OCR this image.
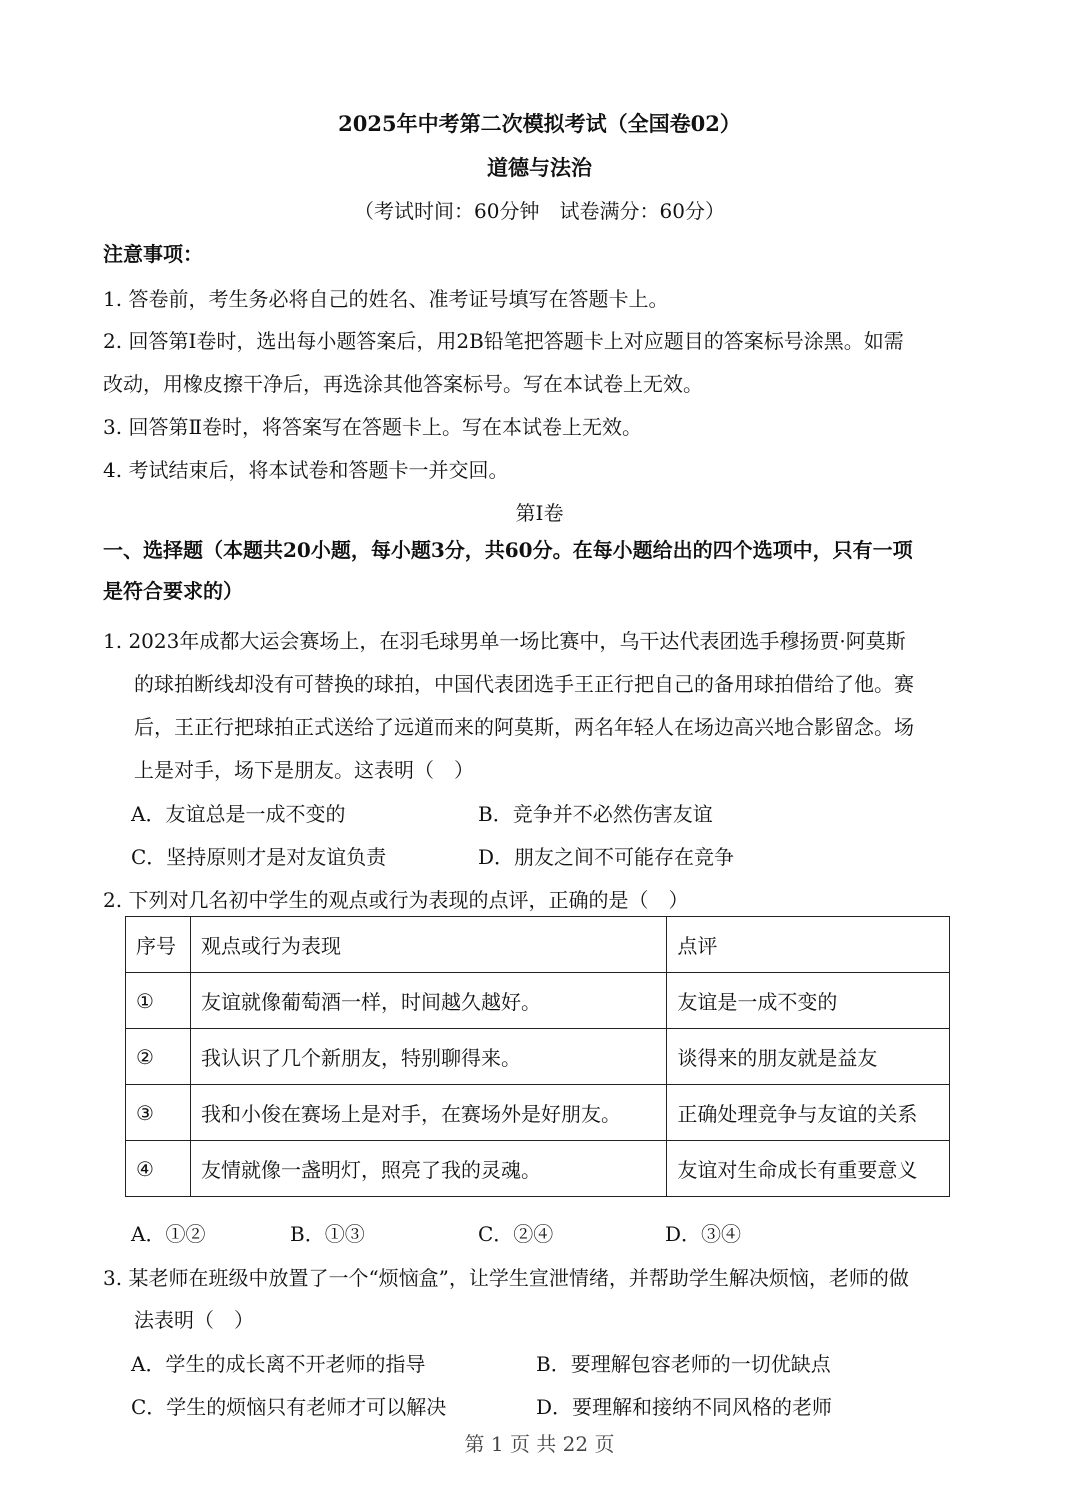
2025年中考第二次模拟考试（全国卷02）
道德与法治
（考试时间：60分钟　试卷满分：60分）
注意事项：
1. 答卷前，考生务必将自己的姓名、准考证号填写在答题卡上。
2. 回答第Ⅰ卷时，选出每小题答案后，用2B铅笔把答题卡上对应题目的答案标号涂黑。如需
改动，用橡皮擦干净后，再选涂其他答案标号。写在本试卷上无效。
3. 回答第Ⅱ卷时，将答案写在答题卡上。写在本试卷上无效。
4. 考试结束后，将本试卷和答题卡一并交回。
第Ⅰ卷
一、选择题（本题共20小题，每小题3分，共60分。在每小题给出的四个选项中，只有一项
是符合要求的）
1. 2023年成都大运会赛场上，在羽毛球男单一场比赛中，乌干达代表团选手穆扬贾·阿莫斯
的球拍断线却没有可替换的球拍，中国代表团选手王正行把自己的备用球拍借给了他。赛
后，王正行把球拍正式送给了远道而来的阿莫斯，两名年轻人在场边高兴地合影留念。场
上是对手，场下是朋友。这表明（　）
A．友谊总是一成不变的	B．竞争并不必然伤害友谊
C．坚持原则才是对友谊负责	D．朋友之间不可能存在竞争
2. 下列对几名初中学生的观点或行为表现的点评，正确的是（　）
序号	观点或行为表现	点评
①	友谊就像葡萄酒一样，时间越久越好。	友谊是一成不变的
②	我认识了几个新朋友，特别聊得来。	谈得来的朋友就是益友
③	我和小俊在赛场上是对手，在赛场外是好朋友。	正确处理竞争与友谊的关系
④	友情就像一盏明灯，照亮了我的灵魂。	友谊对生命成长有重要意义
A．①②	B．①③	C．②④	D．③④
3. 某老师在班级中放置了一个“烦恼盒”，让学生宣泄情绪，并帮助学生解决烦恼，老师的做
法表明（　）
A．学生的成长离不开老师的指导	B．要理解包容老师的一切优缺点
C．学生的烦恼只有老师才可以解决	D．要理解和接纳不同风格的老师
第 1 页 共 22 页
